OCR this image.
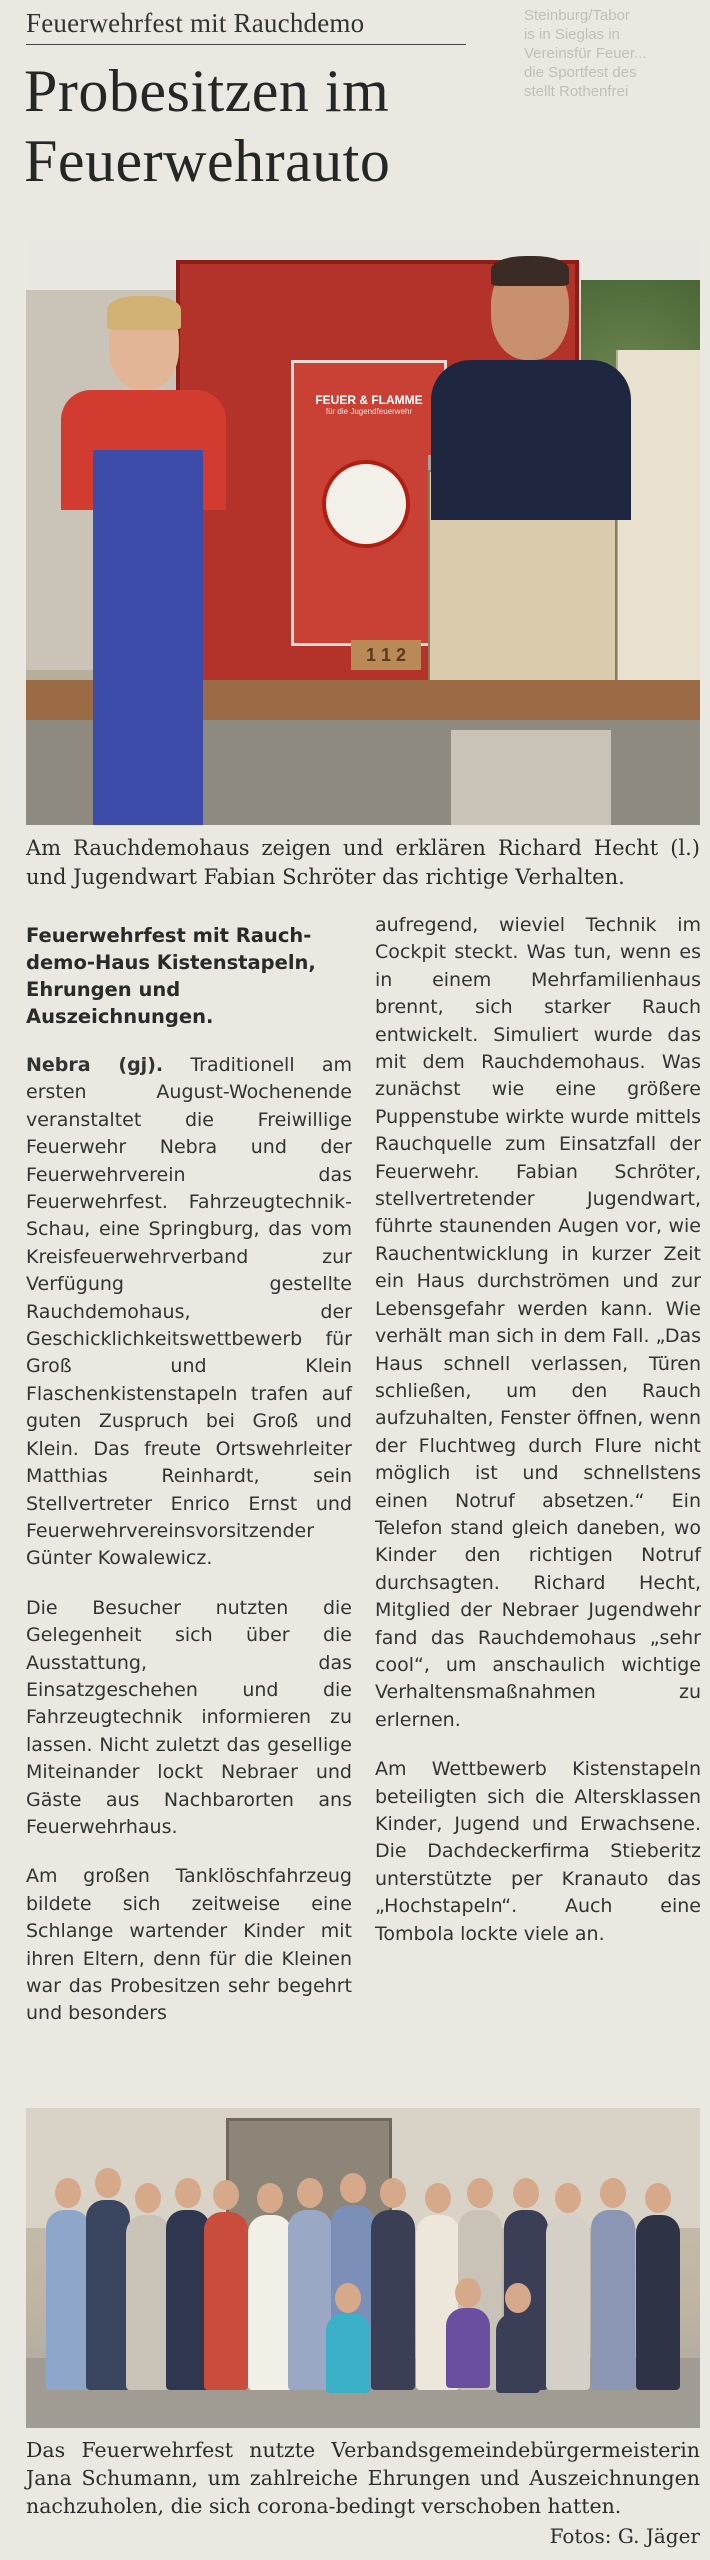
Steinburg/Tabor
is in Sieglas in
Vereinsfür Feuer...
die Sportfest des
stellt Rothenfrei
Feuerwehrfest mit Rauchdemo
Probesitzen im Feuerwehrauto
FEUER & FLAMME
für die Jugendfeuerwehr
1 1 2
Am Rauchdemohaus zeigen und erklären Richard Hecht (l.) und Jugendwart Fabian Schröter das richtige Verhalten.

Feuerwehrfest mit Rauch-demo-Haus Kistenstapeln, Ehrungen und Auszeichnungen.

Nebra (gj). Traditionell am ersten August-Wochenende veranstaltet die Freiwillige Feuerwehr Nebra und der Feuerwehrverein das Feuerwehrfest. Fahrzeugtechnik-Schau, eine Springburg, das vom Kreisfeuerwehrverband zur Verfügung gestellte Rauchdemohaus, der Geschicklichkeitswettbewerb für Groß und Klein Flaschenkistenstapeln trafen auf guten Zuspruch bei Groß und Klein. Das freute Ortswehrleiter Matthias Reinhardt, sein Stellvertreter Enrico Ernst und Feuerwehrvereinsvorsitzender Günter Kowalewicz.

Die Besucher nutzten die Gelegenheit sich über die Ausstattung, das Einsatzgeschehen und die Fahrzeugtechnik informieren zu lassen. Nicht zuletzt das gesellige Miteinander lockt Nebraer und Gäste aus Nachbarorten ans Feuerwehrhaus.

Am großen Tanklöschfahrzeug bildete sich zeitweise eine Schlange wartender Kinder mit ihren Eltern, denn für die Kleinen war das Probesitzen sehr begehrt und besonders

aufregend, wieviel Technik im Cockpit steckt. Was tun, wenn es in einem Mehrfamilienhaus brennt, sich starker Rauch entwickelt. Simuliert wurde das mit dem Rauchdemohaus. Was zunächst wie eine größere Puppenstube wirkte wurde mittels Rauchquelle zum Einsatzfall der Feuerwehr. Fabian Schröter, stellvertretender Jugendwart, führte staunenden Augen vor, wie Rauchentwicklung in kurzer Zeit ein Haus durchströmen und zur Lebensgefahr werden kann. Wie verhält man sich in dem Fall. „Das Haus schnell verlassen, Türen schließen, um den Rauch aufzuhalten, Fenster öffnen, wenn der Fluchtweg durch Flure nicht möglich ist und schnellstens einen Notruf absetzen.“ Ein Telefon stand gleich daneben, wo Kinder den richtigen Notruf durchsagten. Richard Hecht, Mitglied der Nebraer Jugendwehr fand das Rauchdemohaus „sehr cool“, um anschaulich wichtige Verhaltensmaßnahmen zu erlernen.

Am Wettbewerb Kistenstapeln beteiligten sich die Altersklassen Kinder, Jugend und Erwachsene. Die Dachdeckerfirma Stieberitz unterstützte per Kranauto das „Hochstapeln“. Auch eine Tombola lockte viele an.

Das Feuerwehrfest nutzte Verbandsgemeindebürgermeisterin Jana Schumann, um zahlreiche Ehrungen und Auszeichnungen nachzuholen, die sich corona-bedingt verschoben hatten.
Fotos: G. Jäger
